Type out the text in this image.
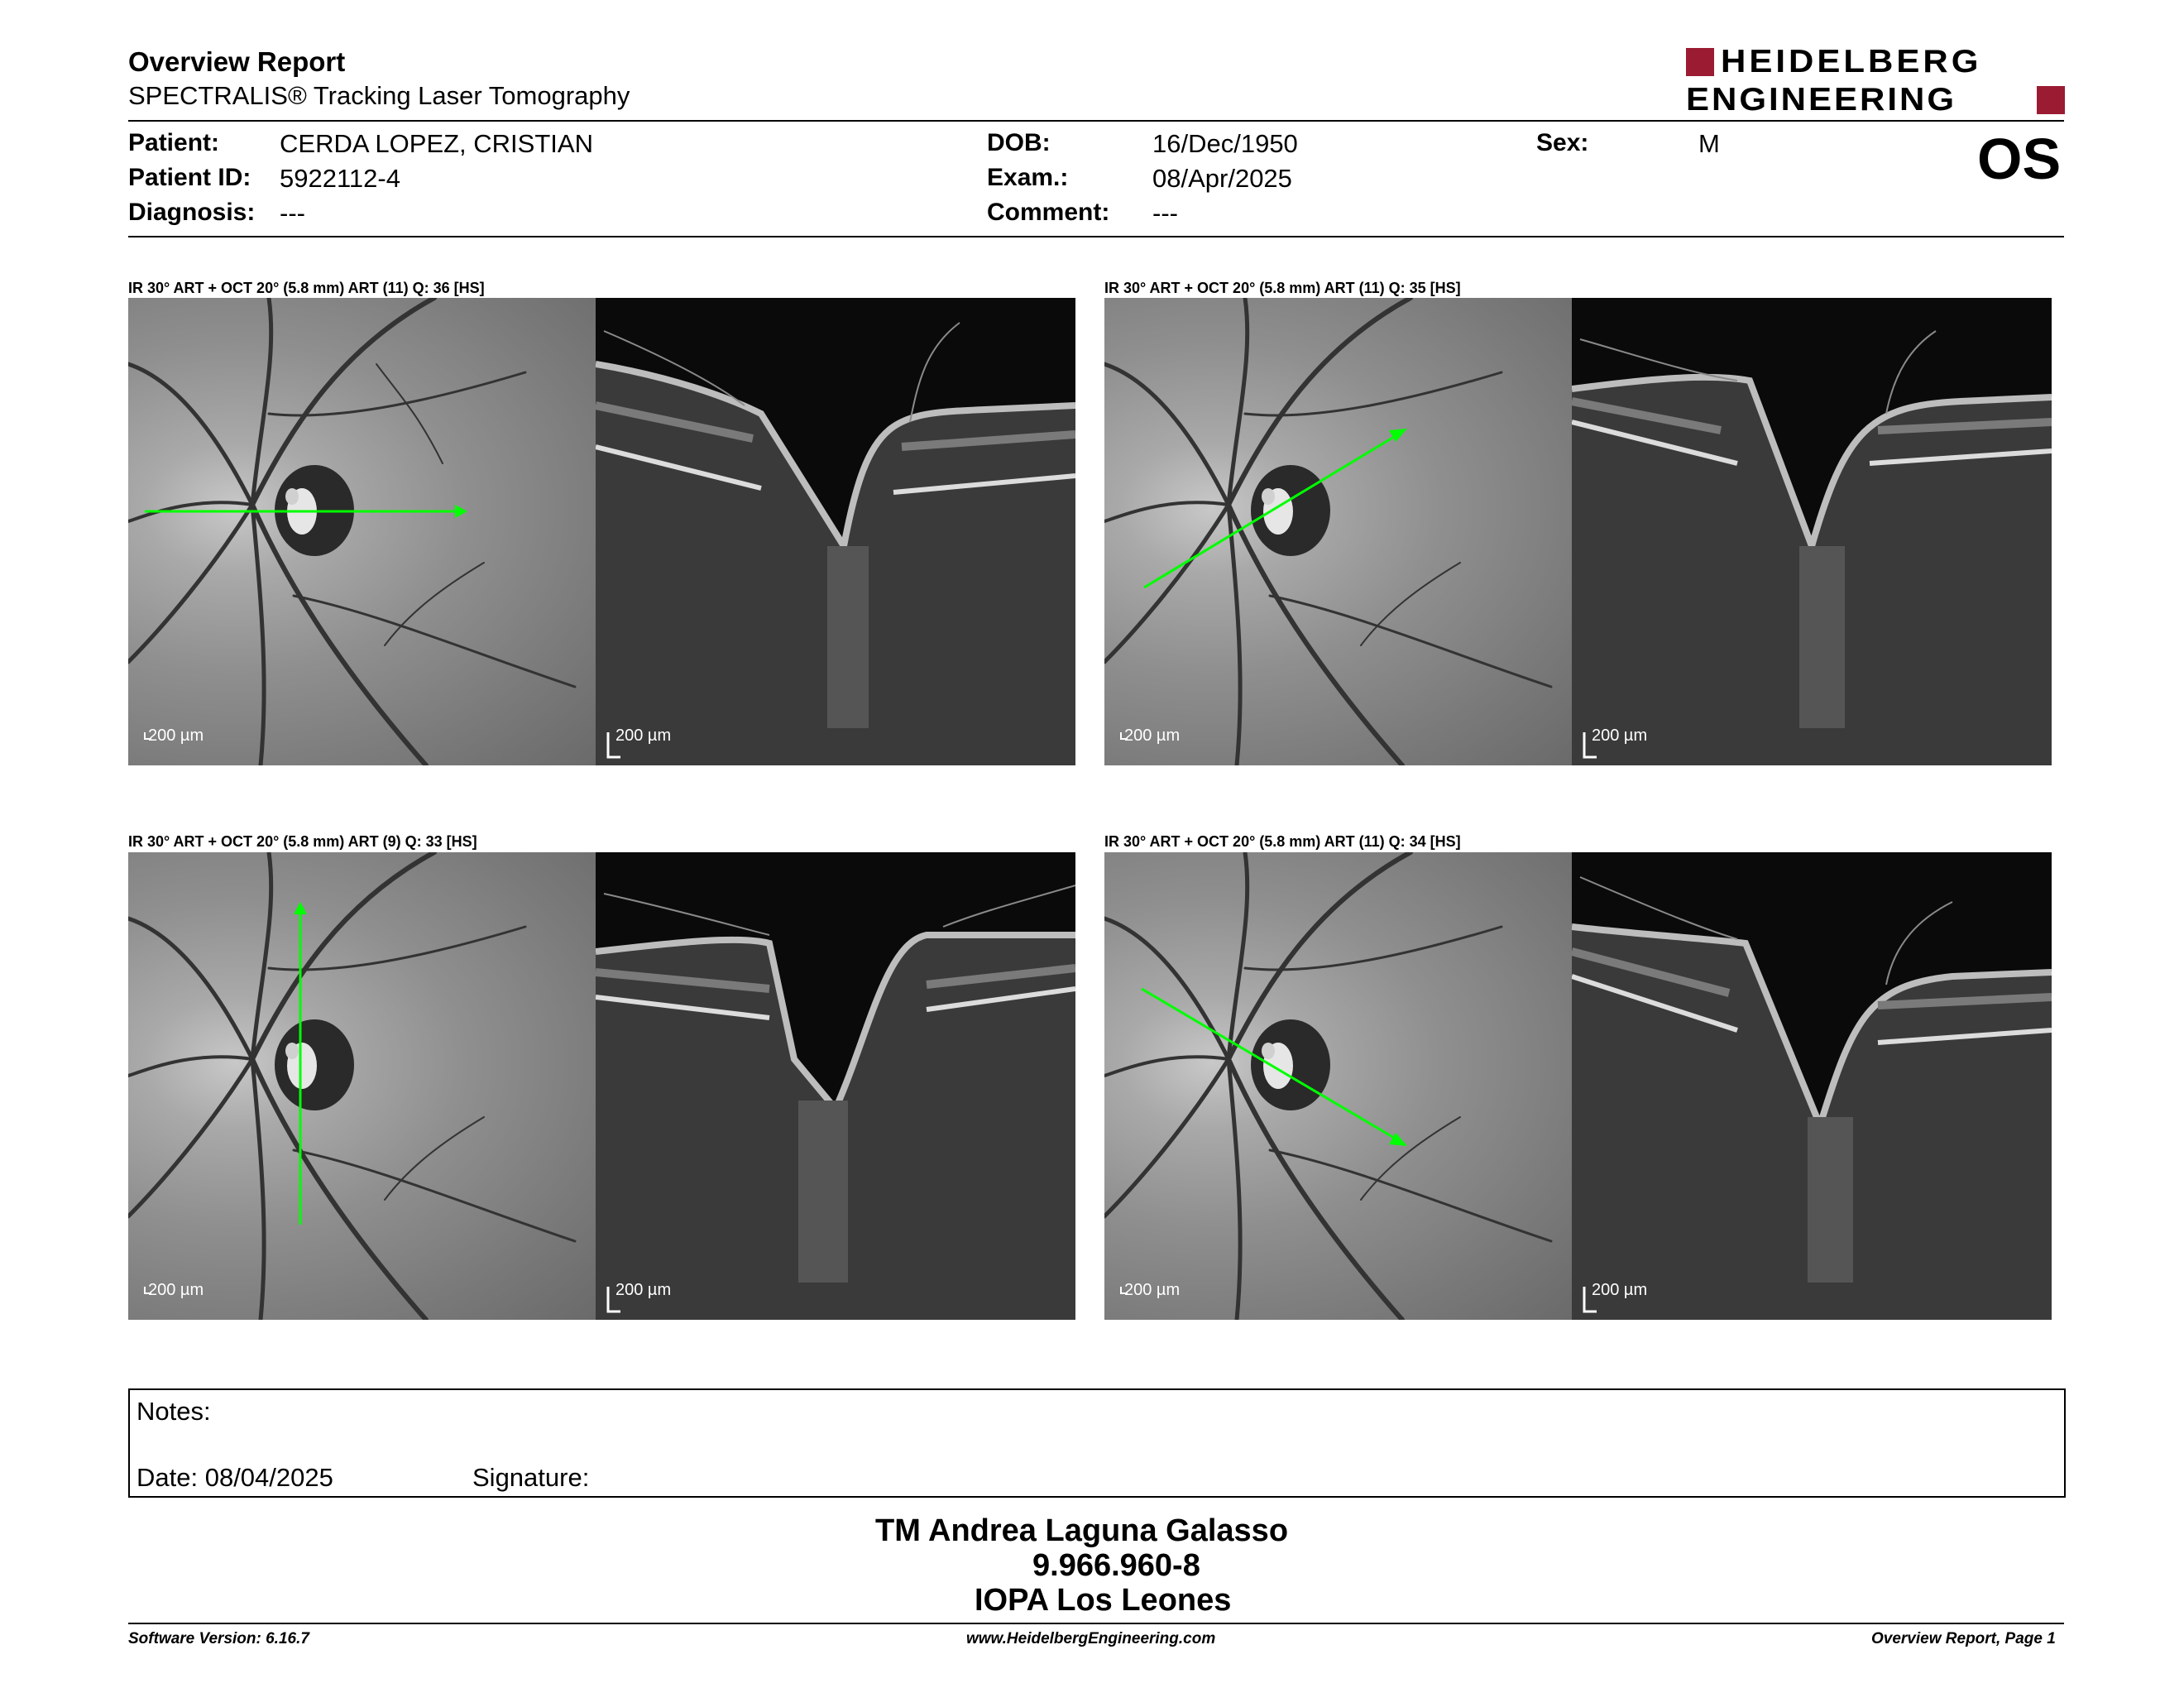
Overview Report
SPECTRALIS® Tracking Laser Tomography
HEIDELBERG
ENGINEERING
Patient: CERDA LOPEZ, CRISTIAN
Patient ID: 5922112-4
Diagnosis: ---
DOB:	16/Dec/1950
Exam.:	08/Apr/2025
Comment: ---
Sex:	M	OS
IR 30° ART + OCT 20° (5.8 mm) ART (11) Q: 36 [HS]
200 µm	200 µm
IR 30° ART + OCT 20° (5.8 mm) ART (11) Q: 35 [HS]
200 µm	200 µm
IR 30° ART + OCT 20° (5.8 mm) ART (9) Q: 33 [HS]
200 µm	200 µm
IR 30° ART + OCT 20° (5.8 mm) ART (11) Q: 34 [HS]
200 µm	200 µm
Notes:
Date: 08/04/2025	Signature:
TM Andrea Laguna Galasso
9.966.960-8
IOPA Los Leones
Software Version: 6.16.7	www.HeidelbergEngineering.com	Overview Report, Page 1
